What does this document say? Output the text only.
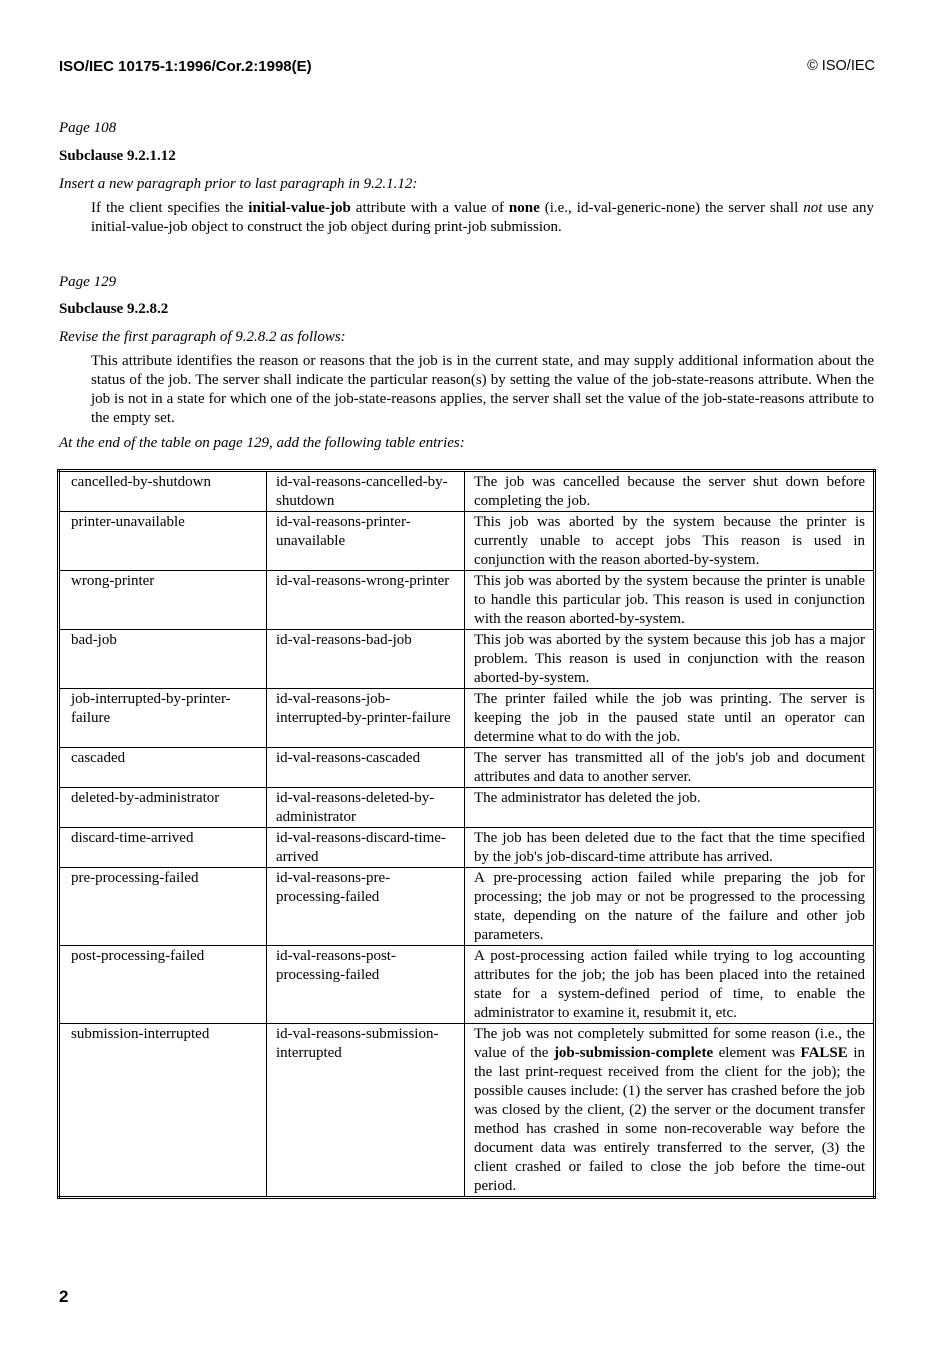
ISO/IEC 10175-1:1996/Cor.2:1998(E)	© ISO/IEC
Page 108
Subclause 9.2.1.12
Insert a new paragraph prior to last paragraph in 9.2.1.12:

If the client specifies the initial-value-job attribute with a value of none (i.e., id-val-generic-none) the server shall not use any initial-value-job object to construct the job object during print-job submission.

Page 129
Subclause 9.2.8.2
Revise the first paragraph of 9.2.8.2 as follows:

This attribute identifies the reason or reasons that the job is in the current state, and may supply additional information about the status of the job. The server shall indicate the particular reason(s) by setting the value of the job-state-reasons attribute. When the job is not in a state for which one of the job-state-reasons applies, the server shall set the value of the job-state-reasons attribute to the empty set.

At the end of the table on page 129, add the following table entries:
cancelled-by-shutdown	id-val-reasons-cancelled-by-shutdown	The job was cancelled because the server shut down before completing the job.
printer-unavailable	id-val-reasons-printer-unavailable	This job was aborted by the system because the printer is currently unable to accept jobs This reason is used in conjunction with the reason aborted-by-system.
wrong-printer	id-val-reasons-wrong-printer	This job was aborted by the system because the printer is unable to handle this particular job. This reason is used in conjunction with the reason aborted-by-system.
bad-job	id-val-reasons-bad-job	This job was aborted by the system because this job has a major problem. This reason is used in conjunction with the reason aborted-by-system.
job-interrupted-by-printer-failure	id-val-reasons-job-interrupted-by-printer-failure	The printer failed while the job was printing. The server is keeping the job in the paused state until an operator can determine what to do with the job.
cascaded	id-val-reasons-cascaded	The server has transmitted all of the job's job and document attributes and data to another server.
deleted-by-administrator	id-val-reasons-deleted-by-administrator	The administrator has deleted the job.
discard-time-arrived	id-val-reasons-discard-time-arrived	The job has been deleted due to the fact that the time specified by the job's job-discard-time attribute has arrived.
pre-processing-failed	id-val-reasons-pre-processing-failed	A pre-processing action failed while preparing the job for processing; the job may or not be progressed to the processing state, depending on the nature of the failure and other job parameters.
post-processing-failed	id-val-reasons-post-processing-failed	A post-processing action failed while trying to log accounting attributes for the job; the job has been placed into the retained state for a system-defined period of time, to enable the administrator to examine it, resubmit it, etc.
submission-interrupted	id-val-reasons-submission-interrupted	The job was not completely submitted for some reason (i.e., the value of the job-submission-complete element was FALSE in the last print-request received from the client for the job); the possible causes include: (1) the server has crashed before the job was closed by the client, (2) the server or the document transfer method has crashed in some non-recoverable way before the document data was entirely transferred to the server, (3) the client crashed or failed to close the job before the time-out period.
2
